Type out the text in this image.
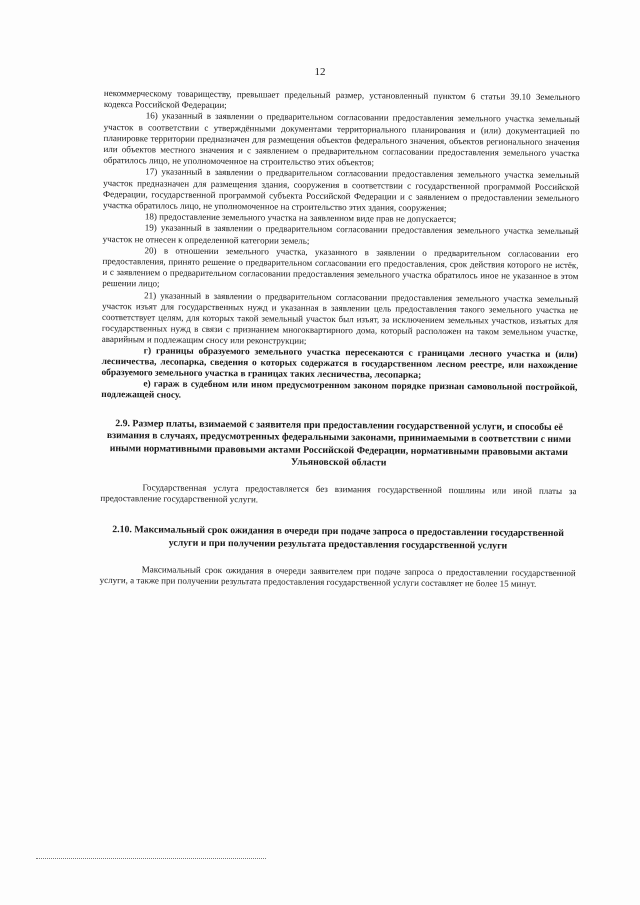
12

некоммерческому товариществу, превышает предельный размер, установленный пунктом 6 статьи 39.10 Земельного кодекса Российской Федерации;

16) указанный в заявлении о предварительном согласовании предоставления земельного участка земельный участок в соответствии с утверждёнными документами территориального планирования и (или) документацией по планировке территории предназначен для размещения объектов федерального значения, объектов регионального значения или объектов местного значения и с заявлением о предварительном согласовании предоставления земельного участка обратилось лицо, не уполномоченное на строительство этих объектов;

17) указанный в заявлении о предварительном согласовании предоставления земельного участка земельный участок предназначен для размещения здания, сооружения в соответствии с государственной программой Российской Федерации, государственной программой субъекта Российской Федерации и с заявлением о предоставлении земельного участка обратилось лицо, не уполномоченное на строительство этих здания, сооружения;

18) предоставление земельного участка на заявленном виде прав не допускается;

19) указанный в заявлении о предварительном согласовании предоставления земельного участка земельный участок не отнесен к определенной категории земель;

20) в отношении земельного участка, указанного в заявлении о предварительном согласовании его предоставления, принято решение о предварительном согласовании его предоставления, срок действия которого не истёк, и с заявлением о предварительном согласовании предоставления земельного участка обратилось иное не указанное в этом решении лицо;

21) указанный в заявлении о предварительном согласовании предоставления земельного участка земельный участок изъят для государственных нужд и указанная в заявлении цель предоставления такого земельного участка не соответствует целям, для которых такой земельный участок был изъят, за исключением земельных участков, изъятых для государственных нужд в связи с признанием многоквартирного дома, который расположен на таком земельном участке, аварийным и подлежащим сносу или реконструкции;

г) границы образуемого земельного участка пересекаются с границами лесного участка и (или) лесничества, лесопарка, сведения о которых содержатся в государственном лесном реестре, или нахождение образуемого земельного участка в границах таких лесничества, лесопарка;

е) гараж в судебном или ином предусмотренном законом порядке признан самовольной постройкой, подлежащей сносу.

2.9. Размер платы, взимаемой с заявителя при предоставлении государственной услуги, и способы её взимания в случаях, предусмотренных федеральными законами, принимаемыми в соответствии с ними иными нормативными правовыми актами Российской Федерации, нормативными правовыми актами Ульяновской области

Государственная услуга предоставляется без взимания государственной пошлины или иной платы за предоставление государственной услуги.

2.10. Максимальный срок ожидания в очереди при подаче запроса о предоставлении государственной услуги и при получении результата предоставления государственной услуги

Максимальный срок ожидания в очереди заявителем при подаче запроса о предоставлении государственной услуги, а также при получении результата предоставления государственной услуги составляет не более 15 минут.
